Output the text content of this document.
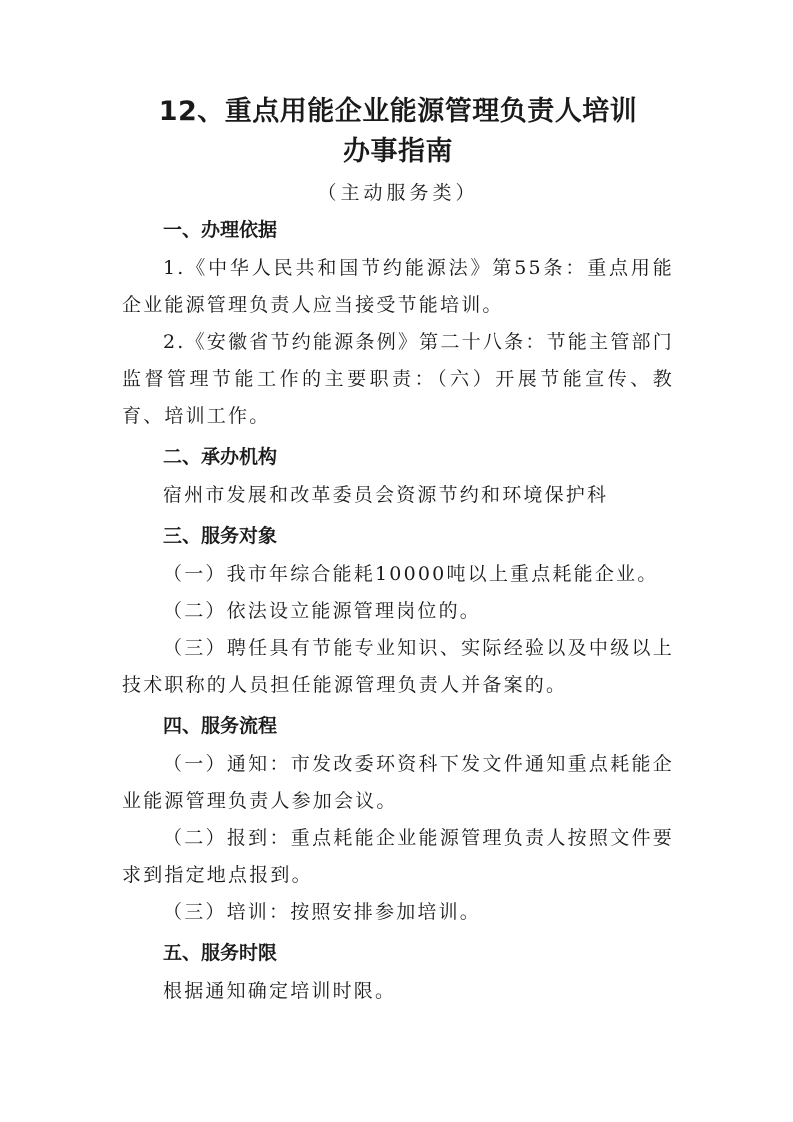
12、重点用能企业能源管理负责人培训
办事指南
（主动服务类）
一、办理依据

1.《中华人民共和国节约能源法》第55条：重点用能企业能源管理负责人应当接受节能培训。

2.《安徽省节约能源条例》第二十八条：节能主管部门监督管理节能工作的主要职责：（六）开展节能宣传、教育、培训工作。

二、承办机构

宿州市发展和改革委员会资源节约和环境保护科

三、服务对象

（一）我市年综合能耗10000吨以上重点耗能企业。

（二）依法设立能源管理岗位的。

（三）聘任具有节能专业知识、实际经验以及中级以上技术职称的人员担任能源管理负责人并备案的。

四、服务流程

（一）通知：市发改委环资科下发文件通知重点耗能企业能源管理负责人参加会议。

（二）报到：重点耗能企业能源管理负责人按照文件要求到指定地点报到。

（三）培训：按照安排参加培训。

五、服务时限

根据通知确定培训时限。
